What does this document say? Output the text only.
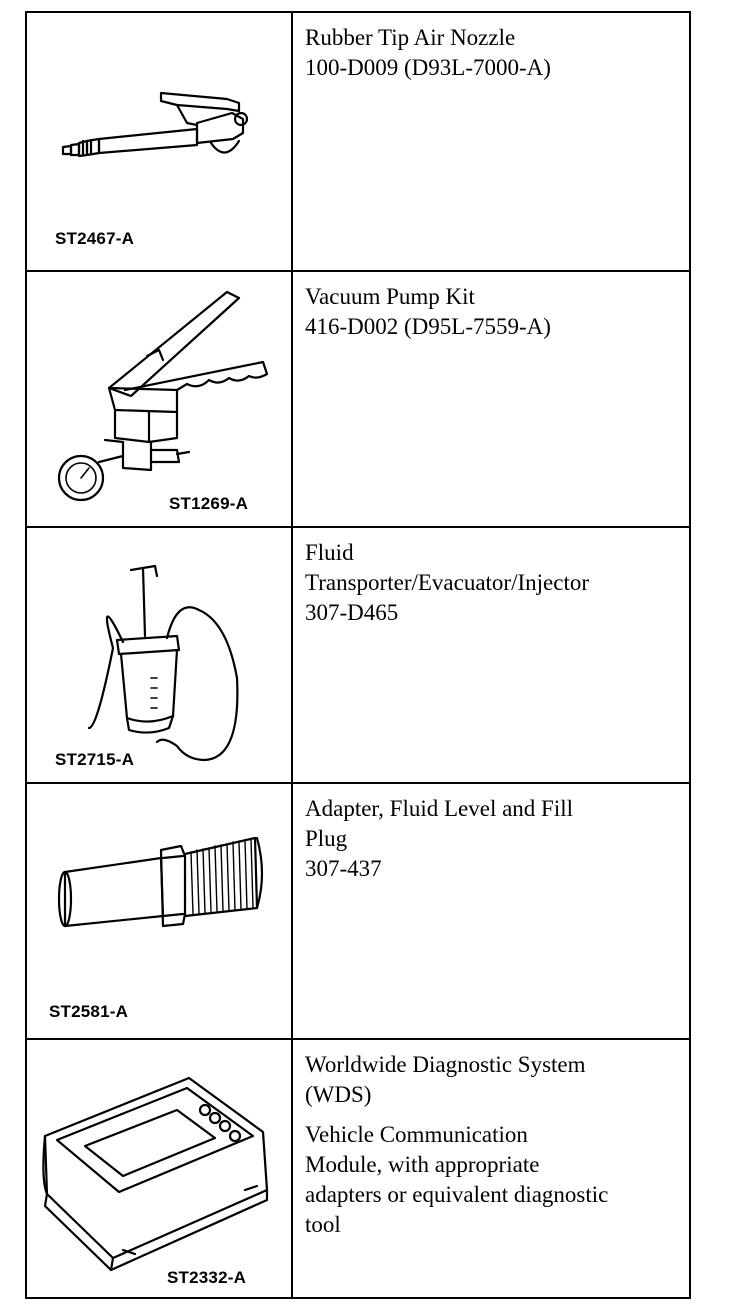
ST2467-A
Rubber Tip Air Nozzle
100-D009 (D93L-7000-A)
ST1269-A
Vacuum Pump Kit
416-D002 (D95L-7559-A)
ST2715-A
Fluid
Transporter/Evacuator/Injector
307-D465
ST2581-A
Adapter, Fluid Level and Fill
Plug
307-437
ST2332-A
Worldwide Diagnostic System
(WDS)
Vehicle Communication
Module, with appropriate
adapters or equivalent diagnostic
tool
